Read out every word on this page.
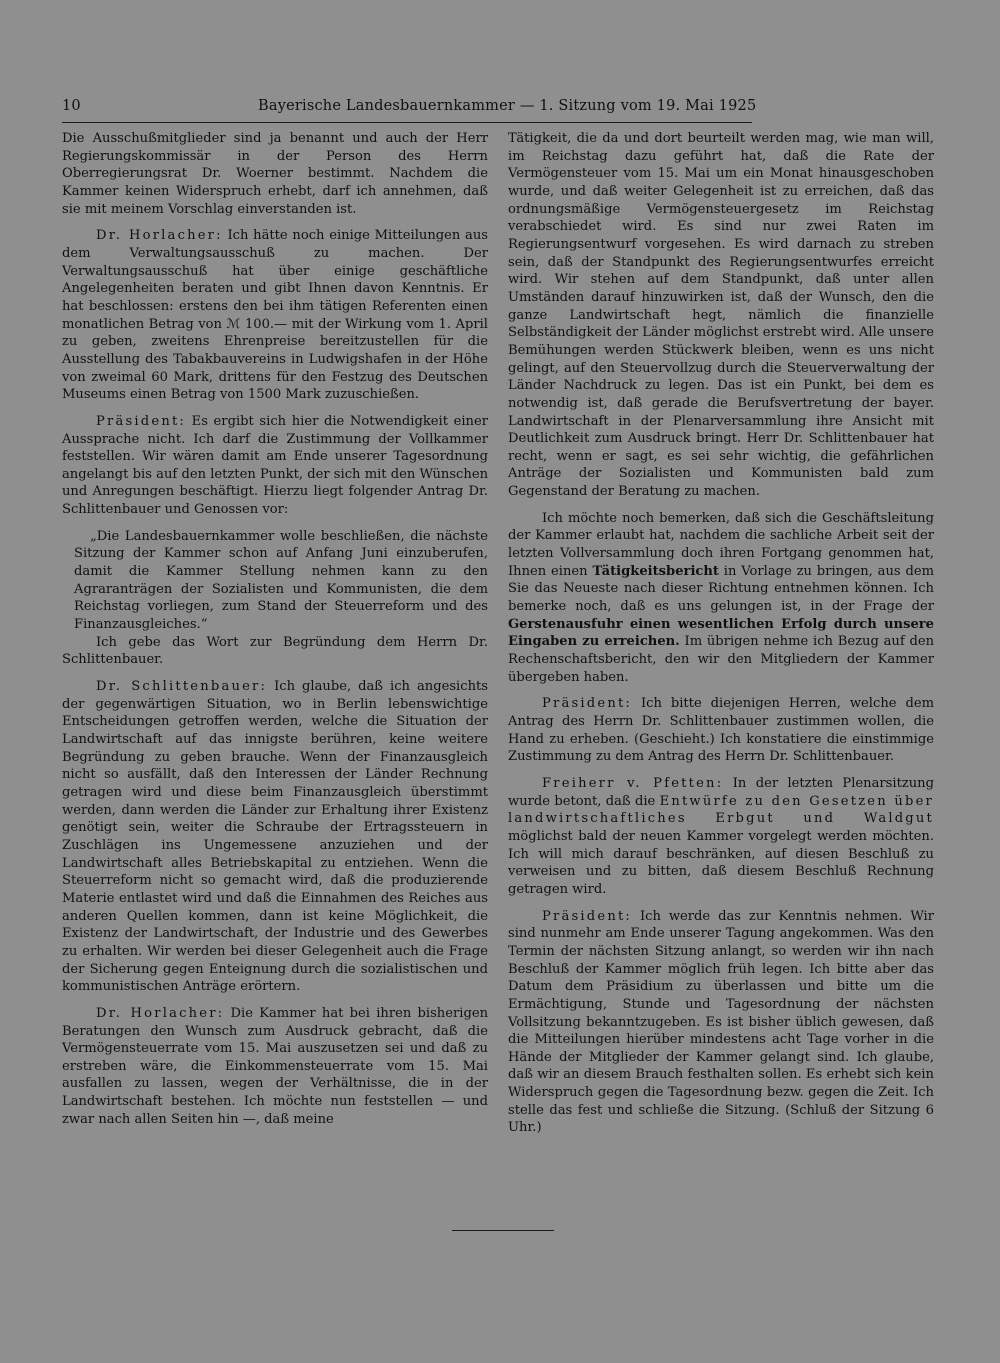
10	Bayerische Landesbauernkammer — 1. Sitzung vom 19. Mai 1925

Die Ausschußmitglieder sind ja benannt und auch der Herr Regierungskommissär in der Person des Herrn Oberregierungsrat Dr. Woerner bestimmt. Nachdem die Kammer keinen Widerspruch erhebt, darf ich annehmen, daß sie mit meinem Vorschlag einverstanden ist.

Dr. Horlacher: Ich hätte noch einige Mitteilungen aus dem Verwaltungsausschuß zu machen. Der Verwaltungsausschuß hat über einige geschäftliche Angelegenheiten beraten und gibt Ihnen davon Kenntnis. Er hat beschlossen: erstens den bei ihm tätigen Referenten einen monatlichen Betrag von ℳ 100.— mit der Wirkung vom 1. April zu geben, zweitens Ehrenpreise bereitzustellen für die Ausstellung des Tabakbauvereins in Ludwigshafen in der Höhe von zweimal 60 Mark, drittens für den Festzug des Deutschen Museums einen Betrag von 1500 Mark zuzuschießen.

Präsident: Es ergibt sich hier die Notwendigkeit einer Aussprache nicht. Ich darf die Zustimmung der Vollkammer feststellen. Wir wären damit am Ende unserer Tagesordnung angelangt bis auf den letzten Punkt, der sich mit den Wünschen und Anregungen beschäftigt. Hierzu liegt folgender Antrag Dr. Schlittenbauer und Genossen vor:

„Die Landesbauernkammer wolle beschließen, die nächste Sitzung der Kammer schon auf Anfang Juni einzuberufen, damit die Kammer Stellung nehmen kann zu den Agraranträgen der Sozialisten und Kommunisten, die dem Reichstag vorliegen, zum Stand der Steuerreform und des Finanzausgleiches.“

Ich gebe das Wort zur Begründung dem Herrn Dr. Schlittenbauer.

Dr. Schlittenbauer: Ich glaube, daß ich angesichts der gegenwärtigen Situation, wo in Berlin lebenswichtige Entscheidungen getroffen werden, welche die Situation der Landwirtschaft auf das innigste berühren, keine weitere Begründung zu geben brauche. Wenn der Finanzausgleich nicht so ausfällt, daß den Interessen der Länder Rechnung getragen wird und diese beim Finanzausgleich überstimmt werden, dann werden die Länder zur Erhaltung ihrer Existenz genötigt sein, weiter die Schraube der Ertragssteuern in Zuschlägen ins Ungemessene anzuziehen und der Landwirtschaft alles Betriebskapital zu entziehen. Wenn die Steuerreform nicht so gemacht wird, daß die produzierende Materie entlastet wird und daß die Einnahmen des Reiches aus anderen Quellen kommen, dann ist keine Möglichkeit, die Existenz der Landwirtschaft, der Industrie und des Gewerbes zu erhalten. Wir werden bei dieser Gelegenheit auch die Frage der Sicherung gegen Enteignung durch die sozialistischen und kommunistischen Anträge erörtern.

Dr. Horlacher: Die Kammer hat bei ihren bisherigen Beratungen den Wunsch zum Ausdruck gebracht, daß die Vermögensteuerrate vom 15. Mai auszusetzen sei und daß zu erstreben wäre, die Einkommensteuerrate vom 15. Mai ausfallen zu lassen, wegen der Verhältnisse, die in der Landwirtschaft bestehen. Ich möchte nun feststellen — und zwar nach allen Seiten hin —, daß meine

Tätigkeit, die da und dort beurteilt werden mag, wie man will, im Reichstag dazu geführt hat, daß die Rate der Vermögensteuer vom 15. Mai um ein Monat hinausgeschoben wurde, und daß weiter Gelegenheit ist zu erreichen, daß das ordnungsmäßige Vermögensteuergesetz im Reichstag verabschiedet wird. Es sind nur zwei Raten im Regierungsentwurf vorgesehen. Es wird darnach zu streben sein, daß der Standpunkt des Regierungsentwurfes erreicht wird. Wir stehen auf dem Standpunkt, daß unter allen Umständen darauf hinzuwirken ist, daß der Wunsch, den die ganze Landwirtschaft hegt, nämlich die finanzielle Selbständigkeit der Länder möglichst erstrebt wird. Alle unsere Bemühungen werden Stückwerk bleiben, wenn es uns nicht gelingt, auf den Steuervollzug durch die Steuerverwaltung der Länder Nachdruck zu legen. Das ist ein Punkt, bei dem es notwendig ist, daß gerade die Berufsvertretung der bayer. Landwirtschaft in der Plenarversammlung ihre Ansicht mit Deutlichkeit zum Ausdruck bringt. Herr Dr. Schlittenbauer hat recht, wenn er sagt, es sei sehr wichtig, die gefährlichen Anträge der Sozialisten und Kommunisten bald zum Gegenstand der Beratung zu machen.

Ich möchte noch bemerken, daß sich die Geschäftsleitung der Kammer erlaubt hat, nachdem die sachliche Arbeit seit der letzten Vollversammlung doch ihren Fortgang genommen hat, Ihnen einen Tätigkeitsbericht in Vorlage zu bringen, aus dem Sie das Neueste nach dieser Richtung entnehmen können. Ich bemerke noch, daß es uns gelungen ist, in der Frage der Gerstenausfuhr einen wesentlichen Erfolg durch unsere Eingaben zu erreichen. Im übrigen nehme ich Bezug auf den Rechenschaftsbericht, den wir den Mitgliedern der Kammer übergeben haben.

Präsident: Ich bitte diejenigen Herren, welche dem Antrag des Herrn Dr. Schlittenbauer zustimmen wollen, die Hand zu erheben. (Geschieht.) Ich konstatiere die einstimmige Zustimmung zu dem Antrag des Herrn Dr. Schlittenbauer.

Freiherr v. Pfetten: In der letzten Plenarsitzung wurde betont, daß die Entwürfe zu den Gesetzen über landwirtschaftliches Erbgut und Waldgut möglichst bald der neuen Kammer vorgelegt werden möchten. Ich will mich darauf beschränken, auf diesen Beschluß zu verweisen und zu bitten, daß diesem Beschluß Rechnung getragen wird.

Präsident: Ich werde das zur Kenntnis nehmen. Wir sind nunmehr am Ende unserer Tagung angekommen. Was den Termin der nächsten Sitzung anlangt, so werden wir ihn nach Beschluß der Kammer möglich früh legen. Ich bitte aber das Datum dem Präsidium zu überlassen und bitte um die Ermächtigung, Stunde und Tagesordnung der nächsten Vollsitzung bekanntzugeben. Es ist bisher üblich gewesen, daß die Mitteilungen hierüber mindestens acht Tage vorher in die Hände der Mitglieder der Kammer gelangt sind. Ich glaube, daß wir an diesem Brauch festhalten sollen. Es erhebt sich kein Widerspruch gegen die Tagesordnung bezw. gegen die Zeit. Ich stelle das fest und schließe die Sitzung. (Schluß der Sitzung 6 Uhr.)
